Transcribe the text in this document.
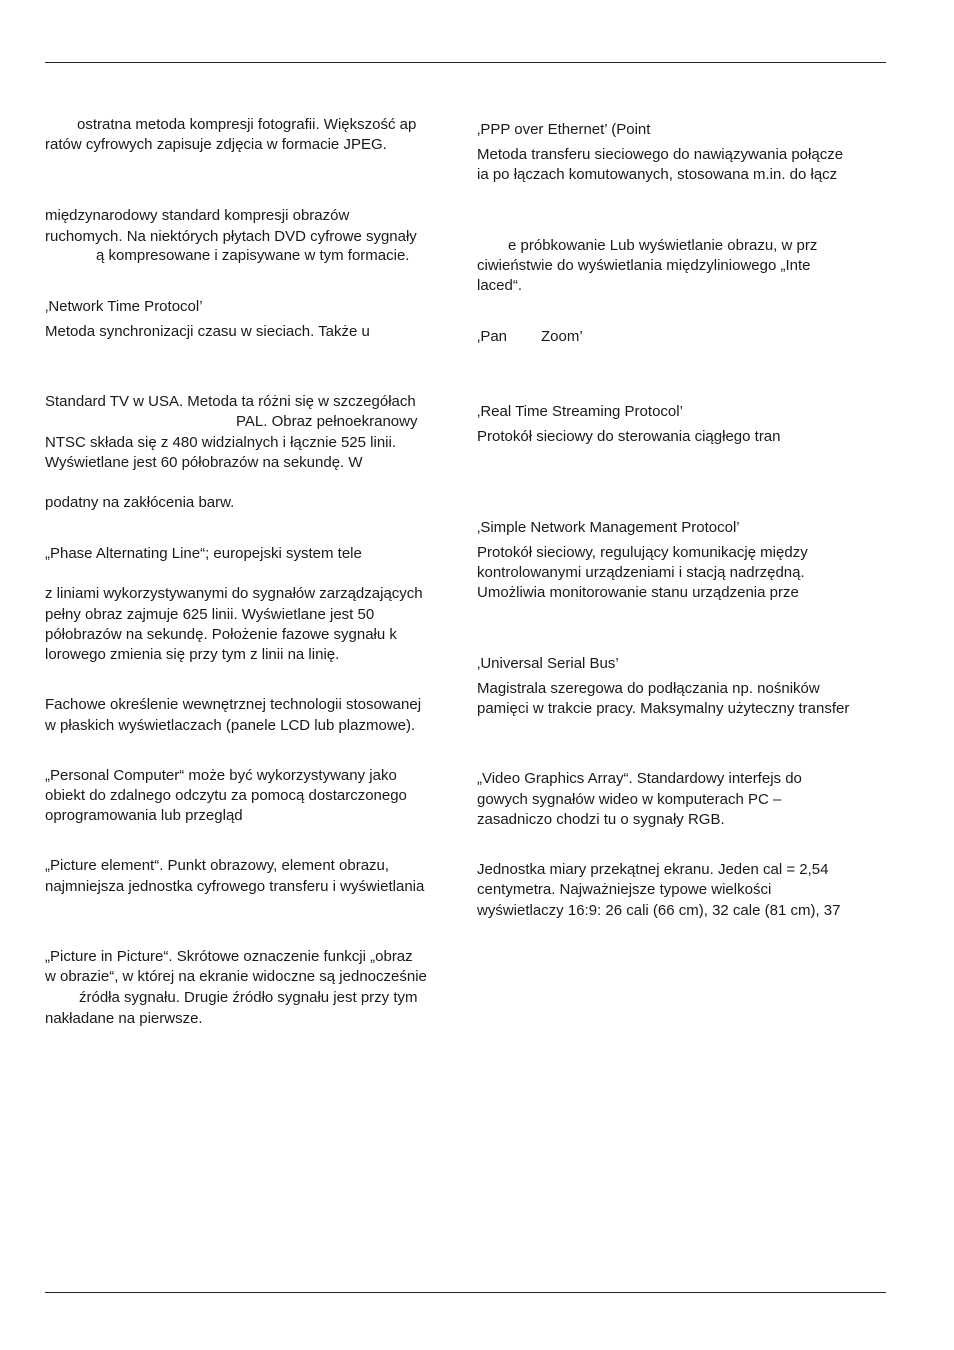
ostratna metoda kompresji fotografii. Większość ap
ratów cyfrowych zapisuje zdjęcia w formacie JPEG.
międzynarodowy standard kompresji obrazów
ruchomych. Na niektórych płytach DVD cyfrowe sygnały
ą kompresowane i zapisywane w tym formacie.
‚Network Time Protocol’
Metoda synchronizacji czasu w sieciach. Także u
Standard TV w USA. Metoda ta różni się w szczegółach
PAL. Obraz pełnoekranowy
NTSC składa się z 480 widzialnych i łącznie 525 linii.
Wyświetlane jest 60 półobrazów na sekundę. W
podatny na zakłócenia barw.
„Phase Alternating Line“; europejski system tele
z liniami wykorzystywanymi do sygnałów zarządzających
pełny obraz zajmuje 625 linii. Wyświetlane jest 50
półobrazów na sekundę. Położenie fazowe sygnału k
lorowego zmienia się przy tym z linii na linię.
Fachowe określenie wewnętrznej technologii stosowanej
w płaskich wyświetlaczach (panele LCD lub plazmowe).
„Personal Computer“ może być wykorzystywany jako
obiekt do zdalnego odczytu za pomocą dostarczonego
oprogramowania lub przegląd
„Picture element“. Punkt obrazowy, element obrazu,
najmniejsza jednostka cyfrowego transferu i wyświetlania
„Picture in Picture“. Skrótowe oznaczenie funkcji „obraz
w obrazie“, w której na ekranie widoczne są jednocześnie
źródła sygnału. Drugie źródło sygnału jest przy tym
nakładane na pierwsze.
‚PPP over Ethernet’ (Point
Metoda transferu sieciowego do nawiązywania połącze
ia po łączach komutowanych, stosowana m.in. do łącz
e próbkowanie Lub wyświetlanie obrazu, w prz
ciwieństwie do wyświetlania międzyliniowego „Inte
laced“.
‚Pan Zoom’
‚Real Time Streaming Protocol’
Protokół sieciowy do sterowania ciągłego tran
‚Simple Network Management Protocol’
Protokół sieciowy, regulujący komunikację między
kontrolowanymi urządzeniami i stacją nadrzędną.
Umożliwia monitorowanie stanu urządzenia prze
‚Universal Serial Bus’
Magistrala szeregowa do podłączania np. nośników
pamięci w trakcie pracy. Maksymalny użyteczny transfer
„Video Graphics Array“. Standardowy interfejs do
gowych sygnałów wideo w komputerach PC –
zasadniczo chodzi tu o sygnały RGB.
Jednostka miary przekątnej ekranu. Jeden cal = 2,54
centymetra. Najważniejsze typowe wielkości
wyświetlaczy 16:9: 26 cali (66 cm), 32 cale (81 cm), 37
